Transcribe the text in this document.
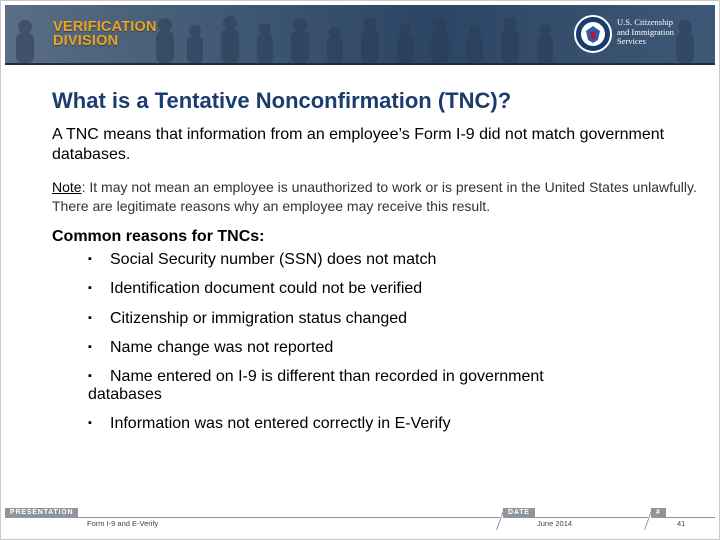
VERIFICATION
DIVISION
U.S. Citizenship
and Immigration
Services
What is a Tentative Nonconfirmation (TNC)?

A TNC means that information from an employee’s Form I-9 did not match government databases.

Note: It may not mean an employee is unauthorized to work or is present in the United States unlawfully. There are legitimate reasons why an employee may receive this result.

Common reasons for TNCs:

▪ Social Security number (SSN) does not match

▪ Identification document could not be verified

▪ Citizenship or immigration status changed

▪ Name change was not reported

▪ Name entered on I-9 is different than recorded in government databases

▪ Information was not entered correctly in E-Verify

PRESENTATION
Form I-9 and E-Verify
DATE
June 2014
#
41
